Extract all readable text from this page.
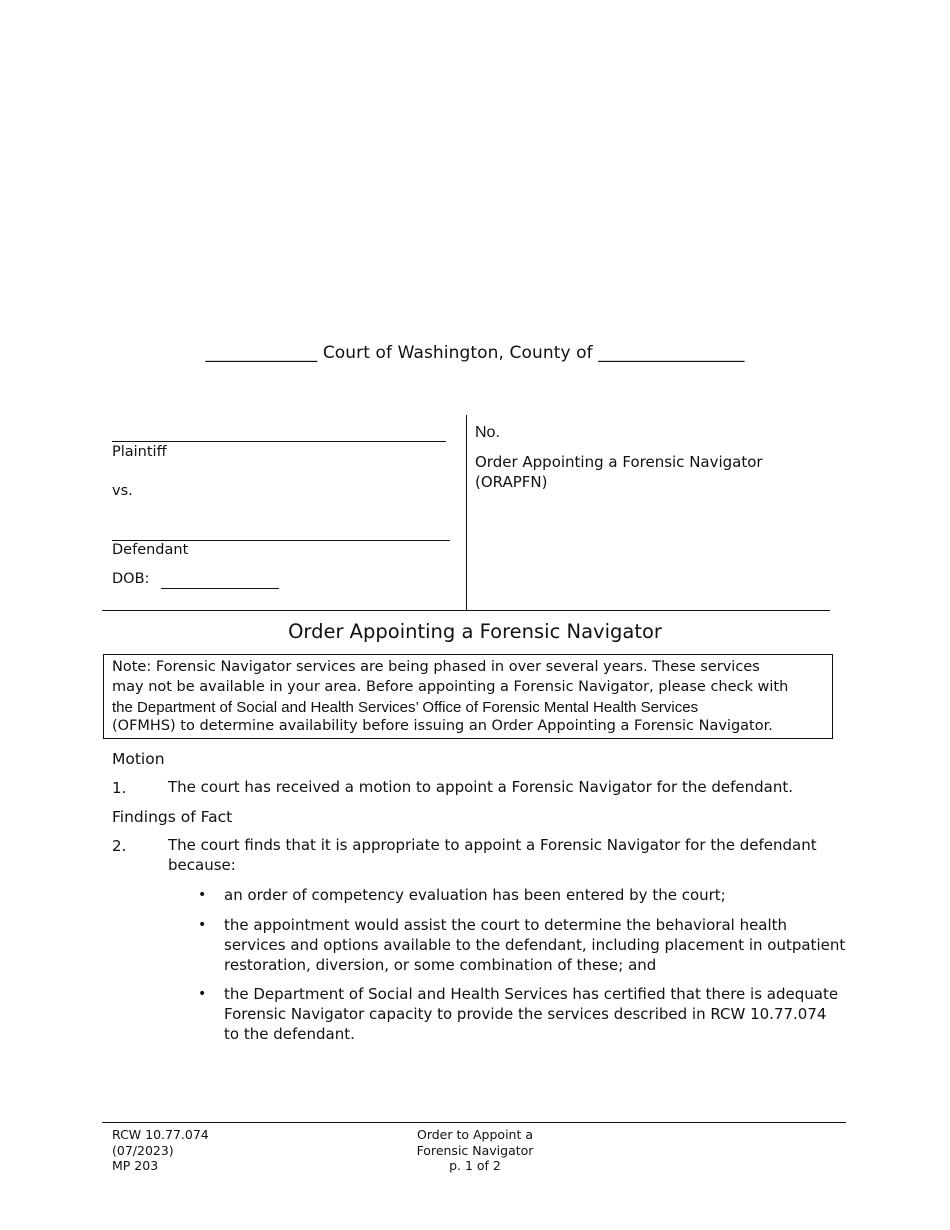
_____________ Court of Washington, County of _________________
Plaintiff
vs.
Defendant
DOB:
No.
Order Appointing a Forensic Navigator
(ORAPFN)
Order Appointing a Forensic Navigator
Note: Forensic Navigator services are being phased in over several years. These services
may not be available in your area. Before appointing a Forensic Navigator, please check with
the Department of Social and Health Services’ Office of Forensic Mental Health Services
(OFMHS) to determine availability before issuing an Order Appointing a Forensic Navigator.
Motion
1.	The court has received a motion to appoint a Forensic Navigator for the defendant.
Findings of Fact
2.	The court finds that it is appropriate to appoint a Forensic Navigator for the defendant
because:
• an order of competency evaluation has been entered by the court;
• the appointment would assist the court to determine the behavioral health
services and options available to the defendant, including placement in outpatient
restoration, diversion, or some combination of these; and
• the Department of Social and Health Services has certified that there is adequate
Forensic Navigator capacity to provide the services described in RCW 10.77.074
to the defendant.
RCW 10.77.074
(07/2023)
MP 203
Order to Appoint a
Forensic Navigator
p. 1 of 2
